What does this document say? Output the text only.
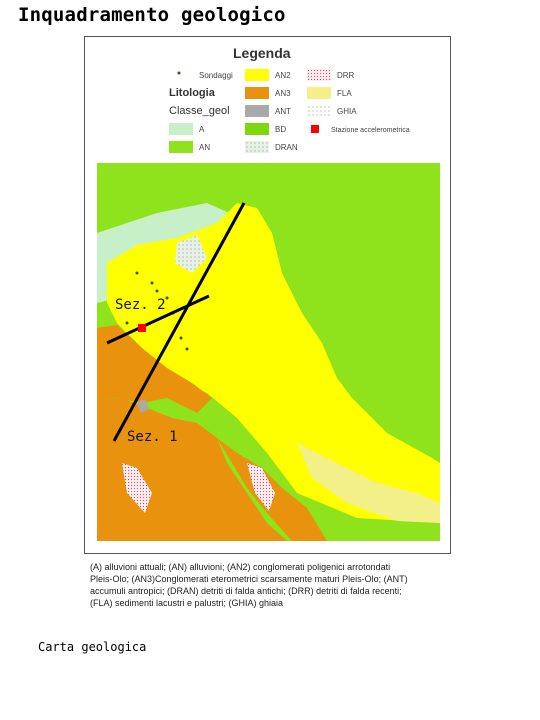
Inquadramento geologico
Legenda
Sondaggi
Litologia
Classe_geol
A
AN
AN2
AN3
ANT
BD
DRAN
DRR
FLA
GHIA
Stazione accelerometrica
Sez. 2
Sez. 1
(A) alluvioni attuali; (AN) alluvioni; (AN2) conglomerati poligenici arrotondati
Pleis-Olo; (AN3)Conglomerati eterometrici scarsamente maturi Pleis-Olo; (ANT)
accumuli antropici; (DRAN) detriti di falda antichi; (DRR) detriti di falda recenti;
(FLA) sedimenti lacustri e palustri; (GHIA) ghiaia
Carta geologica
